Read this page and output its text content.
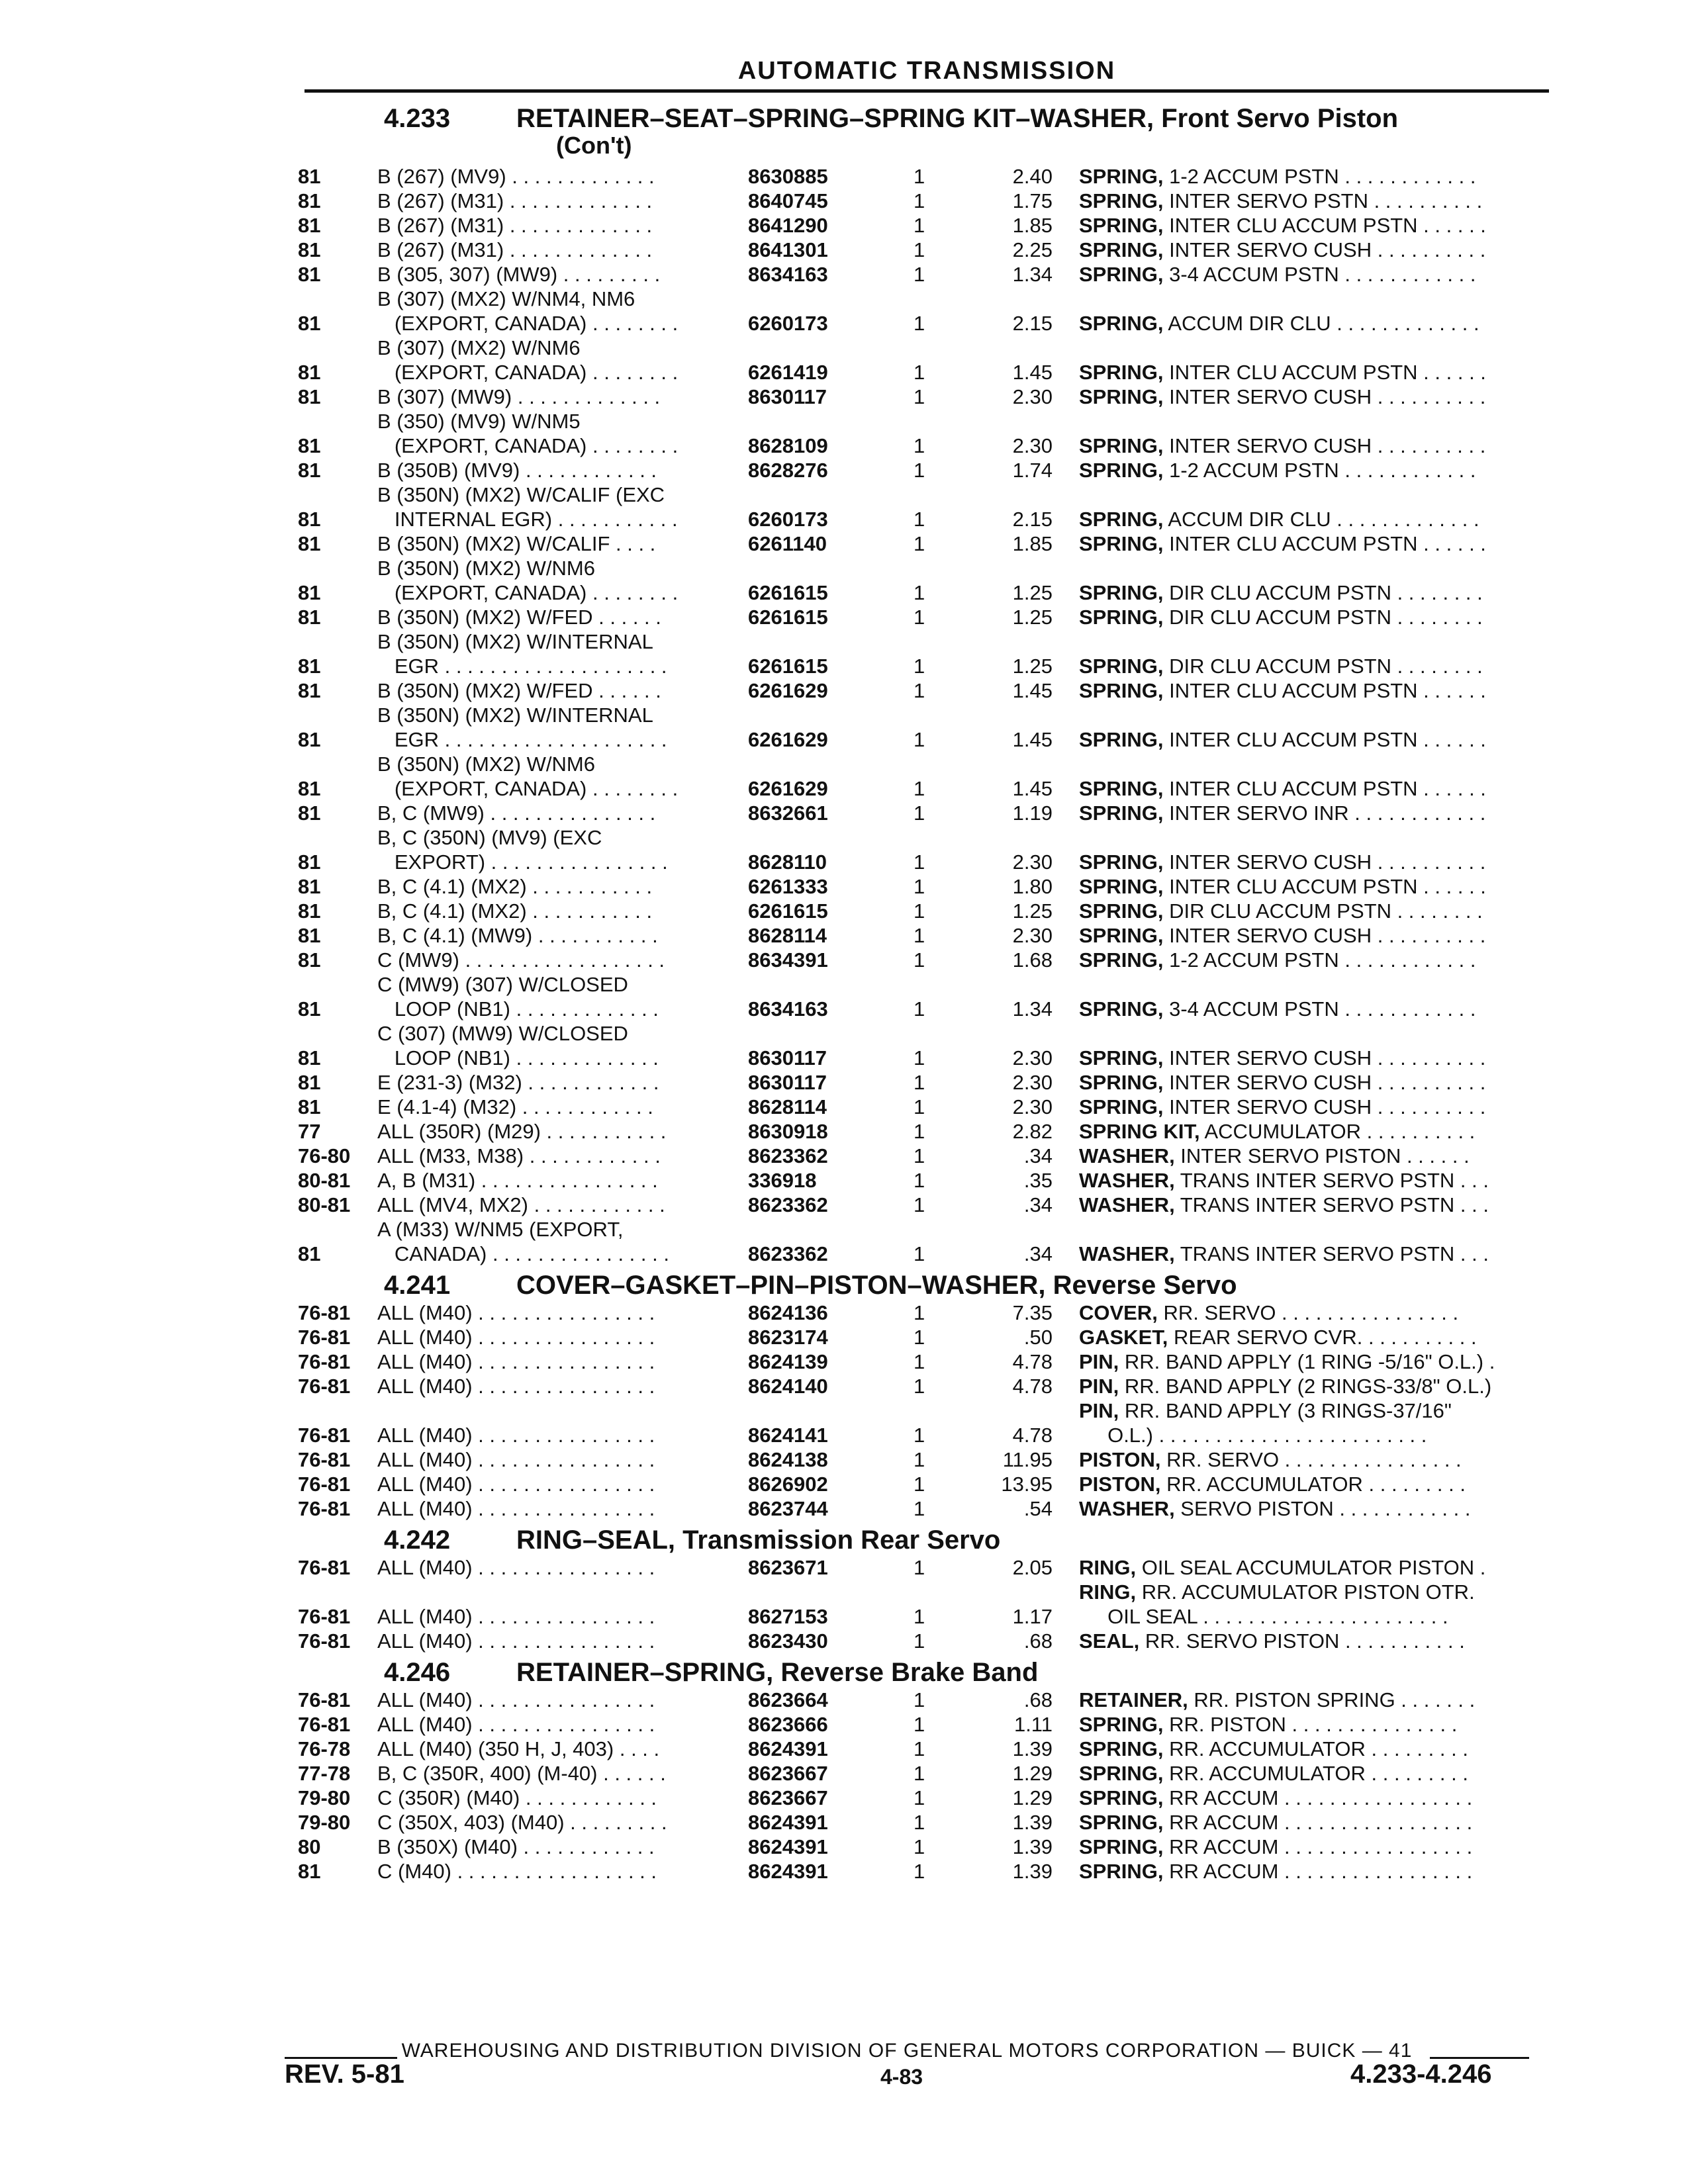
AUTOMATIC TRANSMISSION
4.233	RETAINER–SEAT–SPRING–SPRING KIT–WASHER, Front Servo Piston
(Con't)
81	B (267) (MV9) . . . . . . . . . . . . .	8630885	1	2.40	SPRING, 1-2 ACCUM PSTN . . . . . . . . . . . .
81	B (267) (M31) . . . . . . . . . . . . .	8640745	1	1.75	SPRING, INTER SERVO PSTN . . . . . . . . . .
81	B (267) (M31) . . . . . . . . . . . . .	8641290	1	1.85	SPRING, INTER CLU ACCUM PSTN . . . . . .
81	B (267) (M31) . . . . . . . . . . . . .	8641301	1	2.25	SPRING, INTER SERVO CUSH . . . . . . . . . .
81	B (305, 307) (MW9) . . . . . . . . .	8634163	1	1.34	SPRING, 3-4 ACCUM PSTN . . . . . . . . . . . .
81
B (307) (MX2) W/NM4, NM6
(EXPORT, CANADA) . . . . . . . .	6260173	1	2.15	SPRING, ACCUM DIR CLU . . . . . . . . . . . . .
81
B (307) (MX2) W/NM6
(EXPORT, CANADA) . . . . . . . .	6261419	1	1.45	SPRING, INTER CLU ACCUM PSTN . . . . . .
81	B (307) (MW9) . . . . . . . . . . . . .	8630117	1	2.30	SPRING, INTER SERVO CUSH . . . . . . . . . .
81
B (350) (MV9) W/NM5
(EXPORT, CANADA) . . . . . . . .	8628109	1	2.30	SPRING, INTER SERVO CUSH . . . . . . . . . .
81	B (350B) (MV9) . . . . . . . . . . . .	8628276	1	1.74	SPRING, 1-2 ACCUM PSTN . . . . . . . . . . . .
81
B (350N) (MX2) W/CALIF (EXC
INTERNAL EGR) . . . . . . . . . . .	6260173	1	2.15	SPRING, ACCUM DIR CLU . . . . . . . . . . . . .
81	B (350N) (MX2) W/CALIF . . . .	6261140	1	1.85	SPRING, INTER CLU ACCUM PSTN . . . . . .
81
B (350N) (MX2) W/NM6
(EXPORT, CANADA) . . . . . . . .	6261615	1	1.25	SPRING, DIR CLU ACCUM PSTN . . . . . . . .
81	B (350N) (MX2) W/FED . . . . . .	6261615	1	1.25	SPRING, DIR CLU ACCUM PSTN . . . . . . . .
81
B (350N) (MX2) W/INTERNAL
EGR . . . . . . . . . . . . . . . . . . . .	6261615	1	1.25	SPRING, DIR CLU ACCUM PSTN . . . . . . . .
81	B (350N) (MX2) W/FED . . . . . .	6261629	1	1.45	SPRING, INTER CLU ACCUM PSTN . . . . . .
81
B (350N) (MX2) W/INTERNAL
EGR . . . . . . . . . . . . . . . . . . . .	6261629	1	1.45	SPRING, INTER CLU ACCUM PSTN . . . . . .
81
B (350N) (MX2) W/NM6
(EXPORT, CANADA) . . . . . . . .	6261629	1	1.45	SPRING, INTER CLU ACCUM PSTN . . . . . .
81	B, C (MW9) . . . . . . . . . . . . . . .	8632661	1	1.19	SPRING, INTER SERVO INR . . . . . . . . . . . .
81
B, C (350N) (MV9) (EXC
EXPORT) . . . . . . . . . . . . . . . .	8628110	1	2.30	SPRING, INTER SERVO CUSH . . . . . . . . . .
81	B, C (4.1) (MX2) . . . . . . . . . . .	6261333	1	1.80	SPRING, INTER CLU ACCUM PSTN . . . . . .
81	B, C (4.1) (MX2) . . . . . . . . . . .	6261615	1	1.25	SPRING, DIR CLU ACCUM PSTN . . . . . . . .
81	B, C (4.1) (MW9) . . . . . . . . . . .	8628114	1	2.30	SPRING, INTER SERVO CUSH . . . . . . . . . .
81	C (MW9) . . . . . . . . . . . . . . . . . .	8634391	1	1.68	SPRING, 1-2 ACCUM PSTN . . . . . . . . . . . .
81
C (MW9) (307) W/CLOSED
LOOP (NB1) . . . . . . . . . . . . .	8634163	1	1.34	SPRING, 3-4 ACCUM PSTN . . . . . . . . . . . .
81
C (307) (MW9) W/CLOSED
LOOP (NB1) . . . . . . . . . . . . .	8630117	1	2.30	SPRING, INTER SERVO CUSH . . . . . . . . . .
81	E (231-3) (M32) . . . . . . . . . . . .	8630117	1	2.30	SPRING, INTER SERVO CUSH . . . . . . . . . .
81	E (4.1-4) (M32) . . . . . . . . . . . .	8628114	1	2.30	SPRING, INTER SERVO CUSH . . . . . . . . . .
77	ALL (350R) (M29) . . . . . . . . . . .	8630918	1	2.82	SPRING KIT, ACCUMULATOR . . . . . . . . . .
76-80	ALL (M33, M38) . . . . . . . . . . . .	8623362	1	.34	WASHER, INTER SERVO PISTON . . . . . .
80-81	A, B (M31) . . . . . . . . . . . . . . . .	336918	1	.35	WASHER, TRANS INTER SERVO PSTN . . .
80-81	ALL (MV4, MX2) . . . . . . . . . . . .	8623362	1	.34	WASHER, TRANS INTER SERVO PSTN . . .
81
A (M33) W/NM5 (EXPORT,
CANADA) . . . . . . . . . . . . . . . .	8623362	1	.34	WASHER, TRANS INTER SERVO PSTN . . .
4.241	COVER–GASKET–PIN–PISTON–WASHER, Reverse Servo
76-81	ALL (M40) . . . . . . . . . . . . . . . .	8624136	1	7.35	COVER, RR. SERVO . . . . . . . . . . . . . . . .
76-81	ALL (M40) . . . . . . . . . . . . . . . .	8623174	1	.50	GASKET, REAR SERVO CVR. . . . . . . . . . .
76-81	ALL (M40) . . . . . . . . . . . . . . . .	8624139	1	4.78	PIN, RR. BAND APPLY (1 RING -5/16" O.L.) .
76-81	ALL (M40) . . . . . . . . . . . . . . . .	8624140	1	4.78	PIN, RR. BAND APPLY (2 RINGS-33/8" O.L.)
76-81	ALL (M40) . . . . . . . . . . . . . . . .	8624141	1	4.78
PIN, RR. BAND APPLY (3 RINGS-37/16"
O.L.) . . . . . . . . . . . . . . . . . . . . . . . .
76-81	ALL (M40) . . . . . . . . . . . . . . . .	8624138	1	11.95	PISTON, RR. SERVO . . . . . . . . . . . . . . . .
76-81	ALL (M40) . . . . . . . . . . . . . . . .	8626902	1	13.95	PISTON, RR. ACCUMULATOR . . . . . . . . .
76-81	ALL (M40) . . . . . . . . . . . . . . . .	8623744	1	.54	WASHER, SERVO PISTON . . . . . . . . . . . .
4.242	RING–SEAL, Transmission Rear Servo
76-81	ALL (M40) . . . . . . . . . . . . . . . .	8623671	1	2.05	RING, OIL SEAL ACCUMULATOR PISTON .
76-81	ALL (M40) . . . . . . . . . . . . . . . .	8627153	1	1.17
RING, RR. ACCUMULATOR PISTON OTR.
OIL SEAL . . . . . . . . . . . . . . . . . . . . . .
76-81	ALL (M40) . . . . . . . . . . . . . . . .	8623430	1	.68	SEAL, RR. SERVO PISTON . . . . . . . . . . .
4.246	RETAINER–SPRING, Reverse Brake Band
76-81	ALL (M40) . . . . . . . . . . . . . . . .	8623664	1	.68	RETAINER, RR. PISTON SPRING . . . . . . .
76-81	ALL (M40) . . . . . . . . . . . . . . . .	8623666	1	1.11	SPRING, RR. PISTON . . . . . . . . . . . . . . .
76-78	ALL (M40) (350 H, J, 403) . . . .	8624391	1	1.39	SPRING, RR. ACCUMULATOR . . . . . . . . .
77-78	B, C (350R, 400) (M-40) . . . . . .	8623667	1	1.29	SPRING, RR. ACCUMULATOR . . . . . . . . .
79-80	C (350R) (M40) . . . . . . . . . . . .	8623667	1	1.29	SPRING, RR ACCUM . . . . . . . . . . . . . . . . .
79-80	C (350X, 403) (M40) . . . . . . . . .	8624391	1	1.39	SPRING, RR ACCUM . . . . . . . . . . . . . . . . .
80	B (350X) (M40) . . . . . . . . . . . .	8624391	1	1.39	SPRING, RR ACCUM . . . . . . . . . . . . . . . . .
81	C (M40) . . . . . . . . . . . . . . . . . .	8624391	1	1.39	SPRING, RR ACCUM . . . . . . . . . . . . . . . . .
WAREHOUSING AND DISTRIBUTION DIVISION OF GENERAL MOTORS CORPORATION — BUICK — 41
REV. 5-81	4-83	4.233-4.246
